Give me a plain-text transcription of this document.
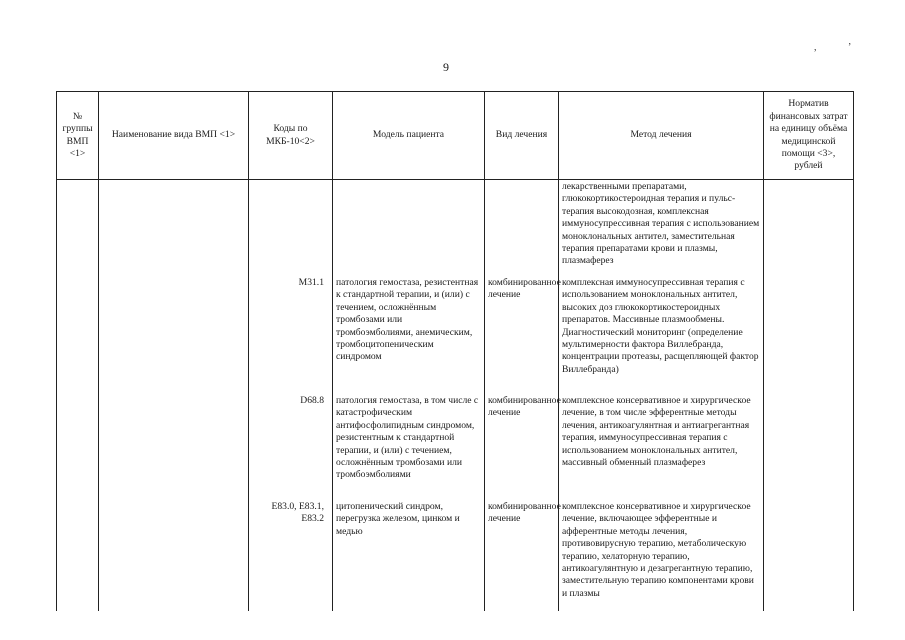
9
,	’
№ группы ВМП <1>	Наименование вида ВМП <1>	Коды по МКБ-10<2>	Модель пациента	Вид лечения	Метод лечения	Норматив финансовых затрат на единицу объёма медицинской помощи <3>, рублей
					лекарственными препаратами, глюкокортикостероидная терапия и пульс-терапия высокодозная, комплексная иммуносупрессивная терапия с использованием моноклональных антител, заместительная терапия препаратами крови и плазмы, плазмаферез	
		М31.1	патология гемостаза, резистентная к стандартной терапии, и (или) с течением, осложнённым тромбозами или тромбоэмболиями, анемическим, тромбоцитопеническим синдромом	комбинированное лечение	комплексная иммуносупрессивная терапия с использованием моноклональных антител, высоких доз глюкокортикостероидных препаратов. Массивные плазмообмены. Диагностический мониторинг (определение мультимерности фактора Виллебранда, концентрации протеазы, расщепляющей фактор Виллебранда)	
		D68.8	патология гемостаза, в том числе с катастрофическим антифосфолипидным синдромом, резистентным к стандартной терапии, и (или) с течением, осложнённым тромбозами или тромбоэмболиями	комбинированное лечение	комплексное консервативное и хирургическое лечение, в том числе эфферентные методы лечения, антикоагулянтная и антиагрегантная терапия, иммуносупрессивная терапия с использованием моноклональных антител, массивный обменный плазмаферез	
		Е83.0, Е83.1, Е83.2	цитопенический синдром, перегрузка железом, цинком и медью	комбинированное лечение	комплексное консервативное и хирургическое лечение, включающее эфферентные и афферентные методы лечения, противовирусную терапию, метаболическую терапию, хелаторную терапию, антикоагулянтную и дезагрегантную терапию, заместительную терапию компонентами крови и плазмы	
